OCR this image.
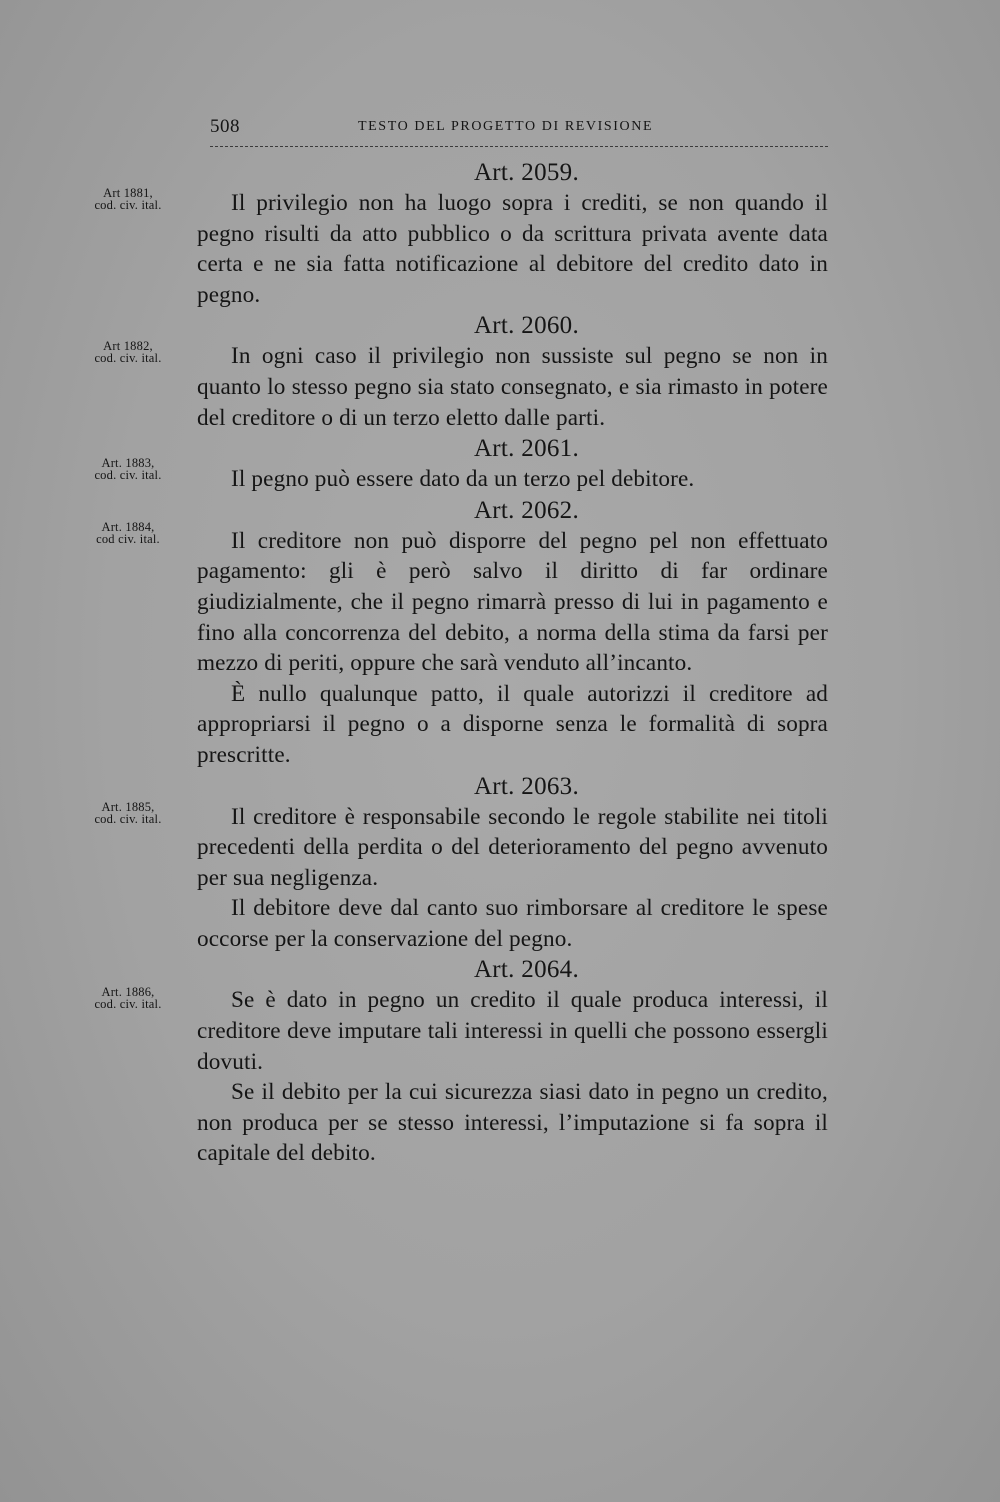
508	TESTO DEL PROGETTO DI REVISIONE
Art. 2059.
Art 1881,
cod. civ. ital.	Il privilegio non ha luogo sopra i crediti, se non quando il pegno risulti da atto pubblico o da scrittura privata avente data certa e ne sia fatta notificazione al debitore del credito dato in pegno.

Art. 2060.
Art 1882,
cod. civ. ital.	In ogni caso il privilegio non sussiste sul pegno se non in quanto lo stesso pegno sia stato consegnato, e sia rimasto in potere del creditore o di un terzo eletto dalle parti.

Art. 2061.
Art. 1883,
cod. civ. ital.	Il pegno può essere dato da un terzo pel debitore.

Art. 2062.
Art. 1884,
cod civ. ital.	Il creditore non può disporre del pegno pel non effettuato pagamento: gli è però salvo il diritto di far ordinare giudizialmente, che il pegno rimarrà presso di lui in pagamento e fino alla concorrenza del debito, a norma della stima da farsi per mezzo di periti, oppure che sarà venduto all’incanto.

È nullo qualunque patto, il quale autorizzi il creditore ad appropriarsi il pegno o a disporne senza le formalità di sopra prescritte.

Art. 2063.
Art. 1885,
cod. civ. ital.	Il creditore è responsabile secondo le regole stabilite nei titoli precedenti della perdita o del deterioramento del pegno avvenuto per sua negligenza.

Il debitore deve dal canto suo rimborsare al creditore le spese occorse per la conservazione del pegno.

Art. 2064.
Art. 1886,
cod. civ. ital.	Se è dato in pegno un credito il quale produca interessi, il creditore deve imputare tali interessi in quelli che possono essergli dovuti.

Se il debito per la cui sicurezza siasi dato in pegno un credito, non produca per se stesso interessi, l’imputazione si fa sopra il capitale del debito.
